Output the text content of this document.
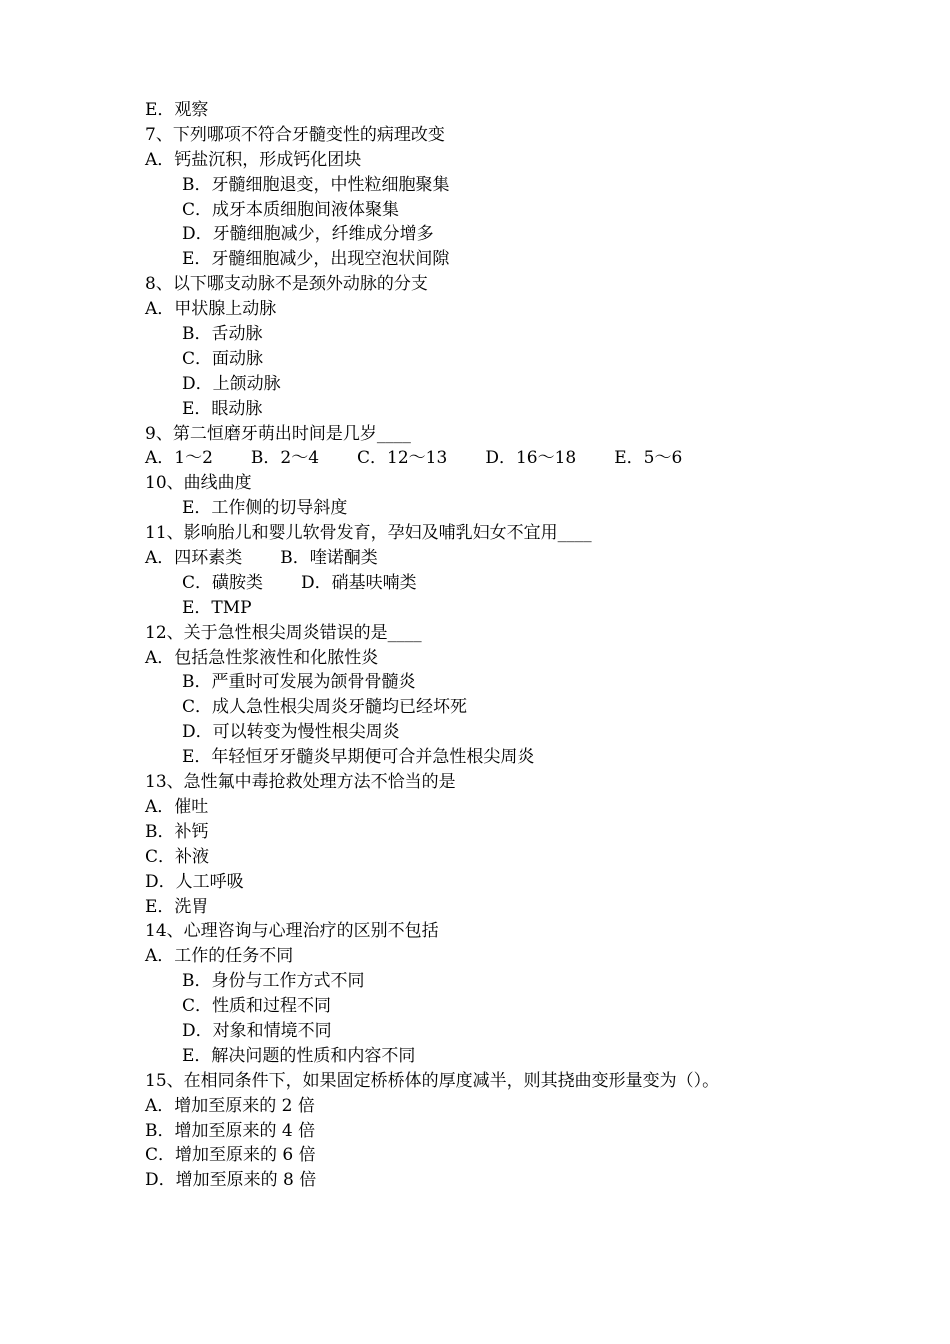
E．观察
7、下列哪项不符合牙髓变性的病理改变
A．钙盐沉积，形成钙化团块
B．牙髓细胞退变，中性粒细胞聚集
C．成牙本质细胞间液体聚集
D．牙髓细胞减少，纤维成分增多
E．牙髓细胞减少，出现空泡状间隙
8、以下哪支动脉不是颈外动脉的分支
A．甲状腺上动脉
B．舌动脉
C．面动脉
D．上颌动脉
E．眼动脉
9、第二恒磨牙萌出时间是几岁____
A．1～2 B．2～4 C．12～13 D．16～18 E．5～6
10、曲线曲度
E．工作侧的切导斜度
11、影响胎儿和婴儿软骨发育，孕妇及哺乳妇女不宜用____
A．四环素类 B．喹诺酮类
C．磺胺类 D．硝基呋喃类
E．TMP
12、关于急性根尖周炎错误的是____
A．包括急性浆液性和化脓性炎
B．严重时可发展为颌骨骨髓炎
C．成人急性根尖周炎牙髓均已经坏死
D．可以转变为慢性根尖周炎
E．年轻恒牙牙髓炎早期便可合并急性根尖周炎
13、急性氟中毒抢救处理方法不恰当的是
A．催吐
B．补钙
C．补液
D．人工呼吸
E．洗胃
14、心理咨询与心理治疗的区别不包括
A．工作的任务不同
B．身份与工作方式不同
C．性质和过程不同
D．对象和情境不同
E．解决问题的性质和内容不同
15、在相同条件下，如果固定桥桥体的厚度减半，则其挠曲变形量变为（）。
A．增加至原来的 2 倍
B．增加至原来的 4 倍
C．增加至原来的 6 倍
D．增加至原来的 8 倍
